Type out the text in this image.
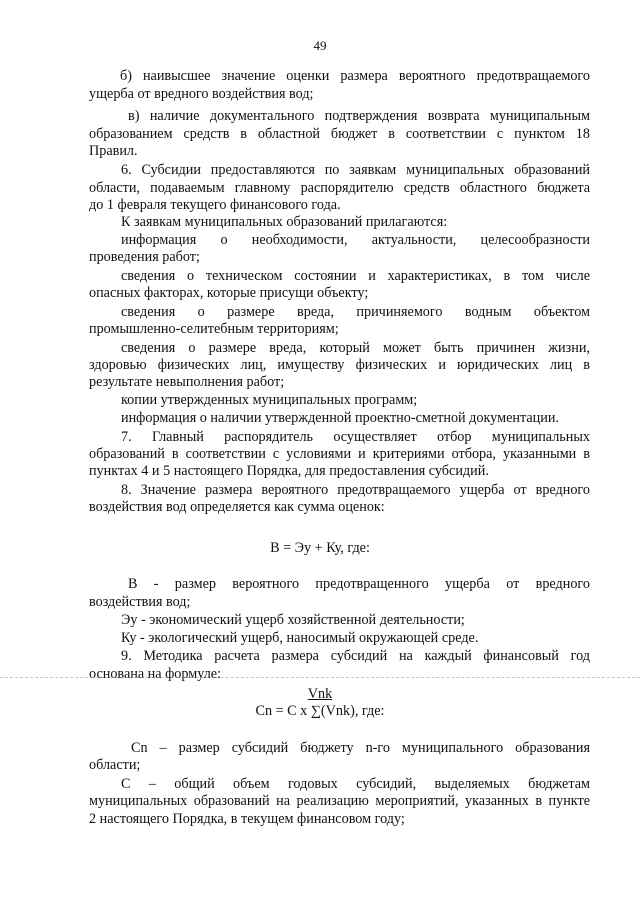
49
б) наивысшее значение оценки размера вероятного предотвращаемого
ущерба от вредного воздействия вод;
в) наличие документального подтверждения возврата муниципальным
образованием средств в областной бюджет в соответствии с пунктом 18
Правил.
6. Субсидии предоставляются по заявкам муниципальных образований
области, подаваемым главному распорядителю средств областного бюджета
до 1 февраля текущего финансового года.
К заявкам муниципальных образований прилагаются:
информация о необходимости, актуальности, целесообразности
проведения работ;
сведения о техническом состоянии и характеристиках, в том числе
опасных факторах, которые присущи объекту;
сведения о размере вреда, причиняемого водным объектом
промышленно-селитебным территориям;
сведения о размере вреда, который может быть причинен жизни,
здоровью физических лиц, имуществу физических и юридических лиц в
результате невыполнения работ;
копии утвержденных муниципальных программ;
информация о наличии утвержденной проектно-сметной документации.
7. Главный распорядитель осуществляет отбор муниципальных
образований в соответствии с условиями и критериями отбора, указанными в
пунктах 4 и 5 настоящего Порядка, для предоставления субсидий.
8. Значение размера вероятного предотвращаемого ущерба от вредного
воздействия вод определяется как сумма оценок:
В = Эу + Ку, где:
В - размер вероятного предотвращенного ущерба от вредного
воздействия вод;
Эу - экономический ущерб хозяйственной деятельности;
Ку - экологический ущерб, наносимый окружающей среде.
9. Методика расчета размера субсидий на каждый финансовый год
основана на формуле:
Vnk
Cn = C x ∑(Vnk), где:
Cn – размер субсидий бюджету n-го муниципального образования
области;
С – общий объем годовых субсидий, выделяемых бюджетам
муниципальных образований на реализацию мероприятий, указанных в пункте
2 настоящего Порядка, в текущем финансовом году;
